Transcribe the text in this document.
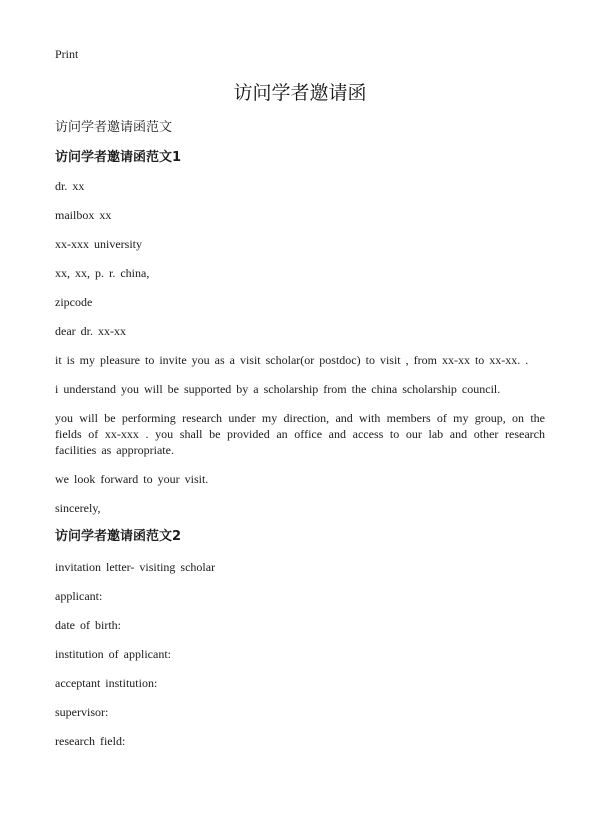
Print
访问学者邀请函

访问学者邀请函范文

访问学者邀请函范文1

dr. xx

mailbox xx

xx-xxx university

xx, xx, p. r. china,

zipcode

dear dr. xx-xx

it is my pleasure to invite you as a visit scholar(or postdoc) to visit , from xx-xx to xx-xx. .

i understand you will be supported by a scholarship from the china scholarship council.

you will be performing research under my direction, and with members of my group, on the fields of xx-xxx . you shall be provided an office and access to our lab and other research facilities as appropriate.

we look forward to your visit.

sincerely,

访问学者邀请函范文2

invitation letter- visiting scholar

applicant:

date of birth:

institution of applicant:

acceptant institution:

supervisor:

research field:
